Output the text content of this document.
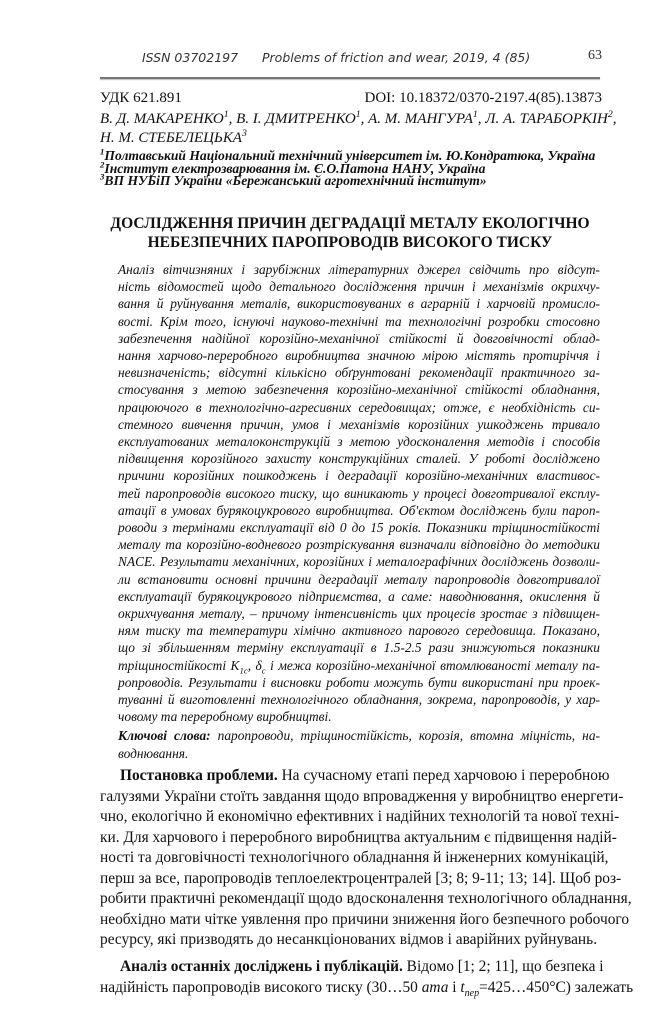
ISSN 03702197 Problems of friction and wear, 2019, 4 (85)	63
УДК 621.891	DOI: 10.18372/0370-2197.4(85).13873
В. Д. МАКАРЕНКО$^1$, В. І. ДМИТРЕНКО$^1$, А. М. МАНГУРА$^1$, Л. А. ТАРАБОРКІН$^2$,
Н. М. СТЕБЕЛЕЦЬКА$^3$
$^1$Полтавський Національний технічний університет ім. Ю.Кондратюка, Україна
$^2$Інститут електрозварювання ім. Є.О.Патона НАНУ, Україна
$^3$ВП НУБіП України «Бережанський агротехнічний інститут»
ДОСЛІДЖЕННЯ ПРИЧИН ДЕГРАДАЦІЇ МЕТАЛУ ЕКОЛОГІЧНО
НЕБЕЗПЕЧНИХ ПАРОПРОВОДІВ ВИСОКОГО ТИСКУ
Аналіз вітчизняних і зарубіжних літературних джерел свідчить про відсут-
ність відомостей щодо детального дослідження причин і механізмів окрихчу-
вання й руйнування металів, використовуваних в аграрній і харчовій промисло-
вості. Крім того, існуючі науково-технічні та технологічні розробки стосовно
забезпечення надійної корозійно-механічної стійкості й довговічності облад-
нання харчово-переробного виробництва значною мірою містять протиріччя і
невизначеність; відсутні кількісно обґрунтовані рекомендації практичного за-
стосування з метою забезпечення корозійно-механічної стійкості обладнання,
працюючого в технологічно-агресивних середовищах; отже, є необхідність си-
стемного вивчення причин, умов і механізмів корозійних ушкоджень тривало
експлуатованих металоконструкцій з метою удосконалення методів і способів
підвищення корозійного захисту конструкційних сталей. У роботі досліджено
причини корозійних пошкоджень і деградації корозійно-механічних властивос-
тей паропроводів високого тиску, що виникають у процесі довготривалої експлу-
атації в умовах бурякоцукрового виробництва. Об'єктом досліджень були пароп-
роводи з термінами експлуатації від 0 до 15 років. Показники тріщиностійкості
металу та корозійно-водневого розтріскування визначали відповідно до методики
NACE. Результати механічних, корозійних і металографічних досліджень дозволи-
ли встановити основні причини деградації металу паропроводів довготривалої
експлуатації бурякоцукрового підприємства, а саме: наводнювання, окислення й
окрихчування металу, – причому інтенсивність цих процесів зростає з підвищен-
ням тиску та температури хімічно активного парового середовища. Показано,
що зі збільшенням терміну експлуатації в 1.5-2.5 рази знижуються показники
тріщиностійкості $K_{1c}$, $\delta_c$ і межа корозійно-механічної втомлюваності металу па-
ропроводів. Результати і висновки роботи можуть бути використані при проек-
туванні й виготовленні технологічного обладнання, зокрема, паропроводів, у хар-
човому та переробному виробництві.
Ключові слова: паропроводи, тріщиностійкість, корозія, втомна міцність, на-
воднювання.
Постановка проблеми. На сучасному етапі перед харчовою і переробною
галузями України стоїть завдання щодо впровадження у виробництво енергети-
чно, екологічно й економічно ефективних і надійних технологій та нової техні-
ки. Для харчового і переробного виробництва актуальним є підвищення надій-
ності та довговічності технологічного обладнання й інженерних комунікацій,
перш за все, паропроводів теплоелектроцентралей [3; 8; 9-11; 13; 14]. Щоб роз-
робити практичні рекомендації щодо вдосконалення технологічного обладнання,
необхідно мати чітке уявлення про причини зниження його безпечного робочого
ресурсу, які призводять до несанкціонованих відмов і аварійних руйнувань.
Аналіз останніх досліджень і публікацій. Відомо [1; 2; 11], що безпека і
надійність паропроводів високого тиску (30…50 ата і $t_{пер}=425\dots 450^\circ C$) залежать
